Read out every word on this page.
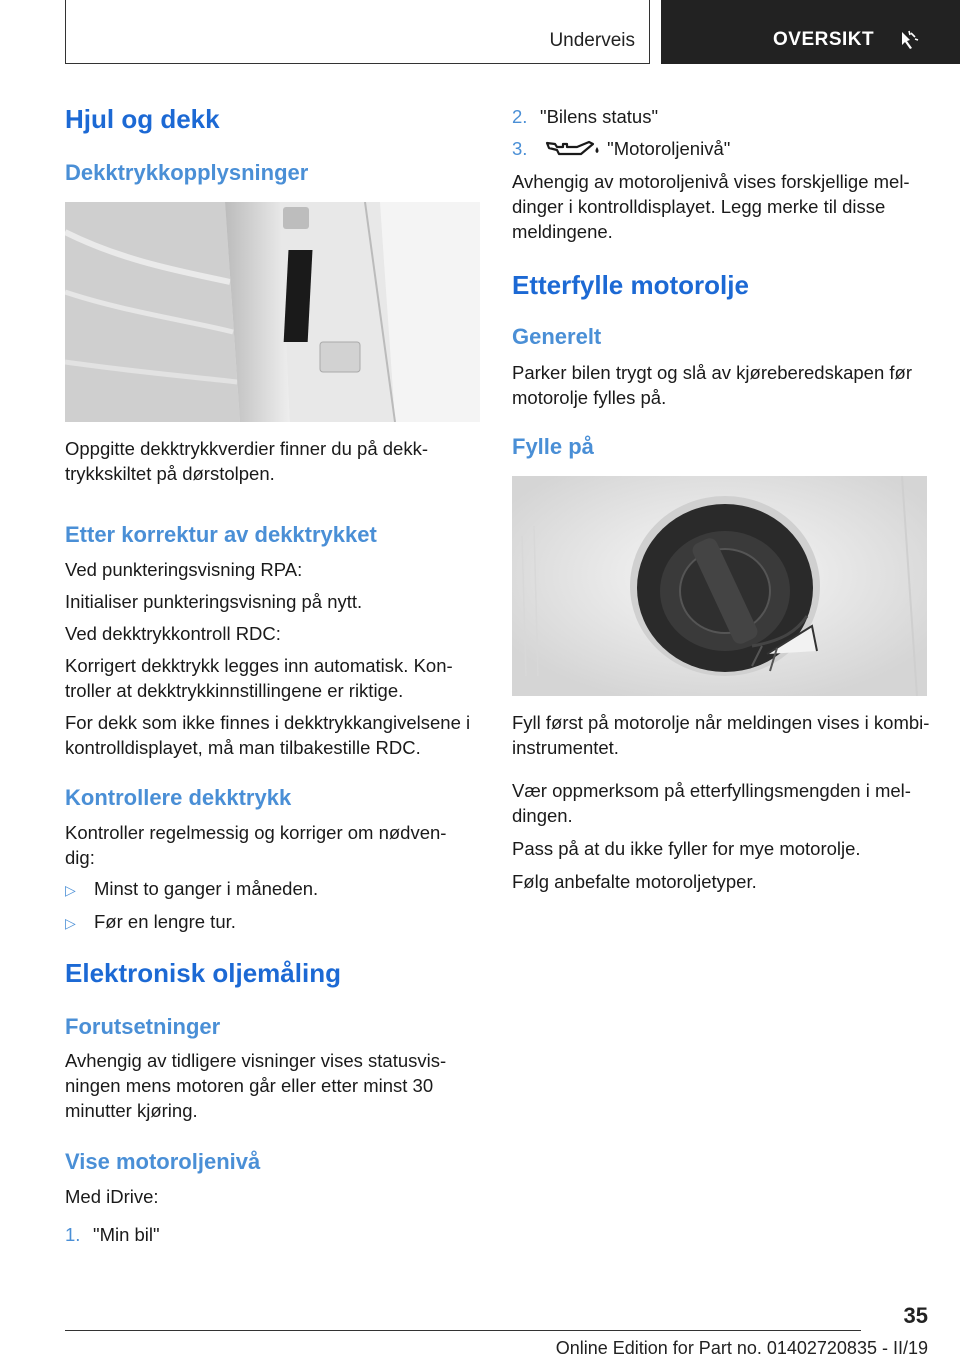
Underveis	OVERSIKT
Hjul og dekk
Dekktrykkopplysninger

Oppgitte dekktrykkverdier finner du på dekk-trykkskiltet på dørstolpen.

Etter korrektur av dekktrykket

Ved punkteringsvisning RPA:

Initialiser punkteringsvisning på nytt.

Ved dekktrykkontroll RDC:

Korrigert dekktrykk legges inn automatisk. Kon-troller at dekktrykkinnstillingene er riktige.

For dekk som ikke finnes i dekktrykkangivelsene i kontrolldisplayet, må man tilbakestille RDC.

Kontrollere dekktrykk

Kontroller regelmessig og korriger om nødven-dig:

▷ Minst to ganger i måneden.
▷ Før en lengre tur.
Elektronisk oljemåling
Forutsetninger

Avhengig av tidligere visninger vises statusvis-ningen mens motoren går eller etter minst 30 minutter kjøring.

Vise motoroljenivå

Med iDrive:

1. "Min bil"
2. "Bilens status"
3.	"Motoroljenivå"

Avhengig av motoroljenivå vises forskjellige mel-dinger i kontrolldisplayet. Legg merke til disse meldingene.

Etterfylle motorolje
Generelt

Parker bilen trygt og slå av kjøreberedskapen før motorolje fylles på.

Fylle på

Fyll først på motorolje når meldingen vises i kombi-instrumentet.

Vær oppmerksom på etterfyllingsmengden i mel-dingen.

Pass på at du ikke fyller for mye motorolje.

Følg anbefalte motoroljetyper.

35
Online Edition for Part no. 01402720835 - II/19
